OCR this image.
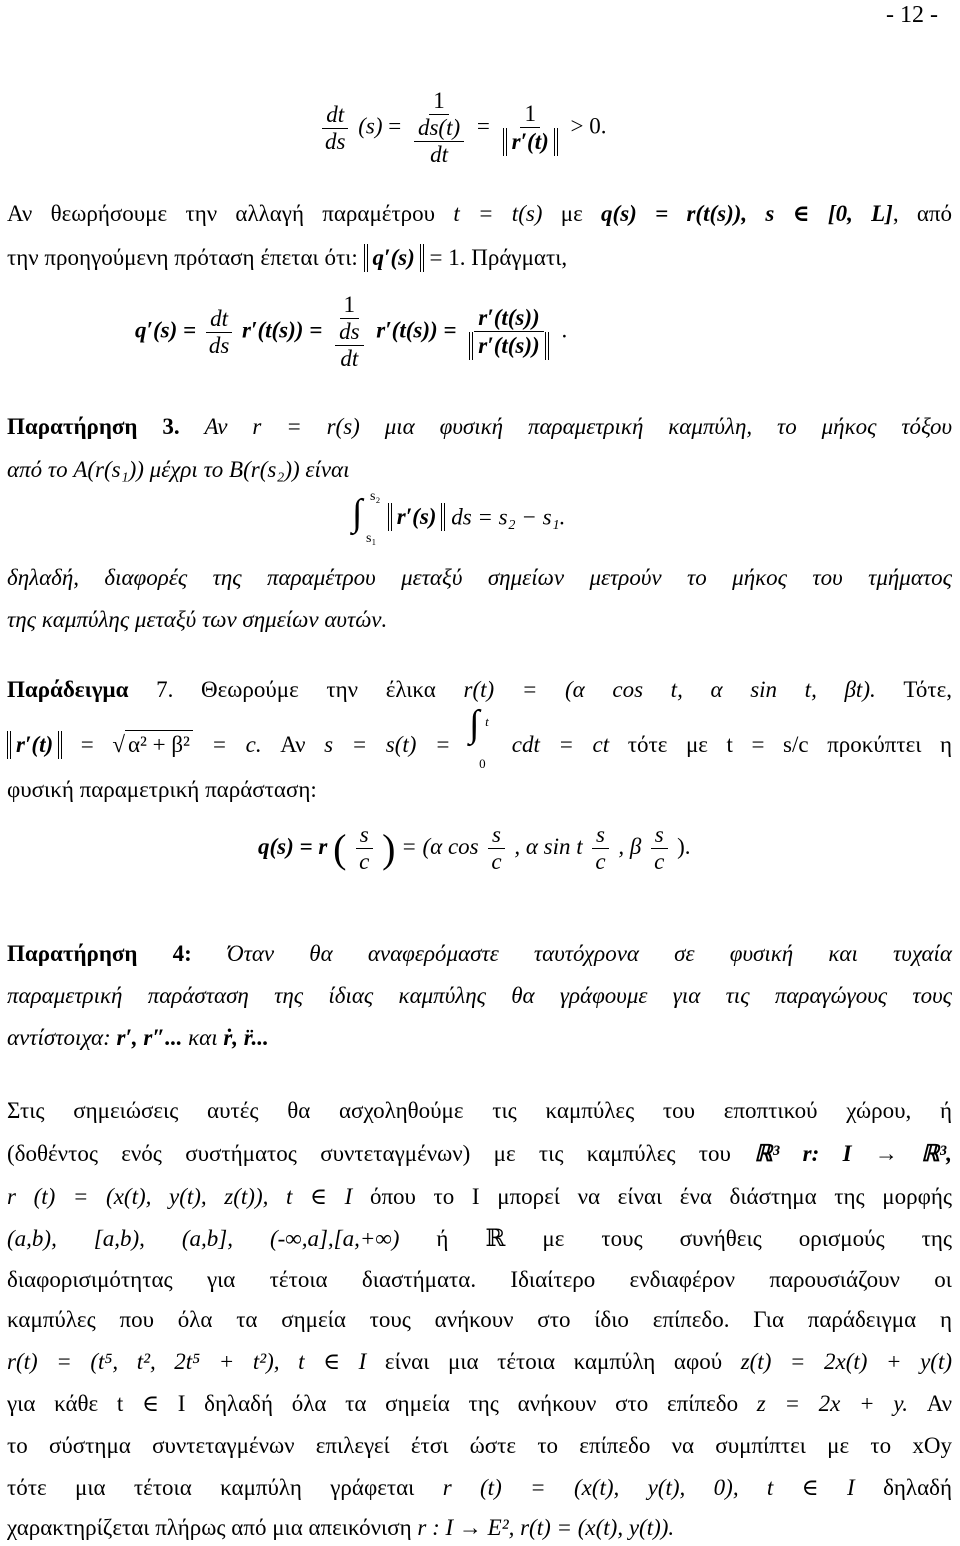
- 12 -
$\frac{dt}{ds} (s) = \frac{1}{\frac{ds(t)}{dt}} = \frac{1}{r'(t)} > 0$.
Αν θεωρήσουμε την αλλαγή παραμέτρου t = t(s) με q(s) = r(t(s)), s ∈ [0, L], από
την προηγούμενη πρόταση έπεται ότι: q′(s) = 1. Πράγματι,
$q'(s) = \frac{dt}{ds} r'(t(s)) = \frac{1}{\frac{ds}{dt}} r'(t(s)) = \frac{r'(t(s))}{r'(t(s))}$ .
Παρατήρηση 3. Αν r = r(s) μια φυσική παραμετρική καμπύλη, το μήκος τόξου
από το A(r(s₁)) μέχρι το B(r(s₂)) είναι
∫ s₂
s₁
r′(s) ds = s₂ − s₁.
δηλαδή, διαφορές της παραμέτρου μεταξύ σημείων μετρούν το μήκος του τμήματος
της καμπύλης μεταξύ των σημείων αυτών.
Παράδειγμα 7. Θεωρούμε την έλικα r(t) = (α cos t, α sin t, βt). Τότε,
r′(t) = √ α² + β² = c. Αν s = s(t) = ∫ t
0
cdt = ct τότε με t = s/c προκύπτει η
φυσική παραμετρική παράσταση:
q(s) = r ( $\frac{s}{c}$ ) = (α $\cos \frac{s}{c}$ , α sin t $\frac{s}{c}$ , β $\frac{s}{c}$ ).
Παρατήρηση 4: Όταν θα αναφερόμαστε ταυτόχρονα σε φυσική και τυχαία
παραμετρική παράσταση της ίδιας καμπύλης θα γράφουμε για τις παραγώγους τους
αντίστοιχα: r′, r″... και ṙ, r̈...
Στις σημειώσεις αυτές θα ασχοληθούμε τις καμπύλες του εποπτικού χώρου, ή
(δοθέντος ενός συστήματος συντεταγμένων) με τις καμπύλες του ℝ³ r: I → ℝ³,
r (t) = (x(t), y(t), z(t)), t ∈ I όπου το I μπορεί να είναι ένα διάστημα της μορφής
(a,b), [a,b), (a,b], (-∞,a],[a,+∞) ή ℝ με τους συνήθεις ορισμούς της
διαφορισιμότητας για τέτοια διαστήματα. Ιδιαίτερο ενδιαφέρον παρουσιάζουν οι
καμπύλες που όλα τα σημεία τους ανήκουν στο ίδιο επίπεδο. Για παράδειγμα η
r(t) = (t⁵, t², 2t⁵ + t²), t ∈ I είναι μια τέτοια καμπύλη αφού z(t) = 2x(t) + y(t)
για κάθε t ∈ I δηλαδή όλα τα σημεία της ανήκουν στο επίπεδο z = 2x + y. Αν
το σύστημα συντεταγμένων επιλεγεί έτσι ώστε το επίπεδο να συμπίπτει με το xOy
τότε μια τέτοια καμπύλη γράφεται r (t) = (x(t), y(t), 0), t ∈ I δηλαδή
χαρακτηρίζεται πλήρως από μια απεικόνιση r : I → E², r(t) = (x(t), y(t)).
